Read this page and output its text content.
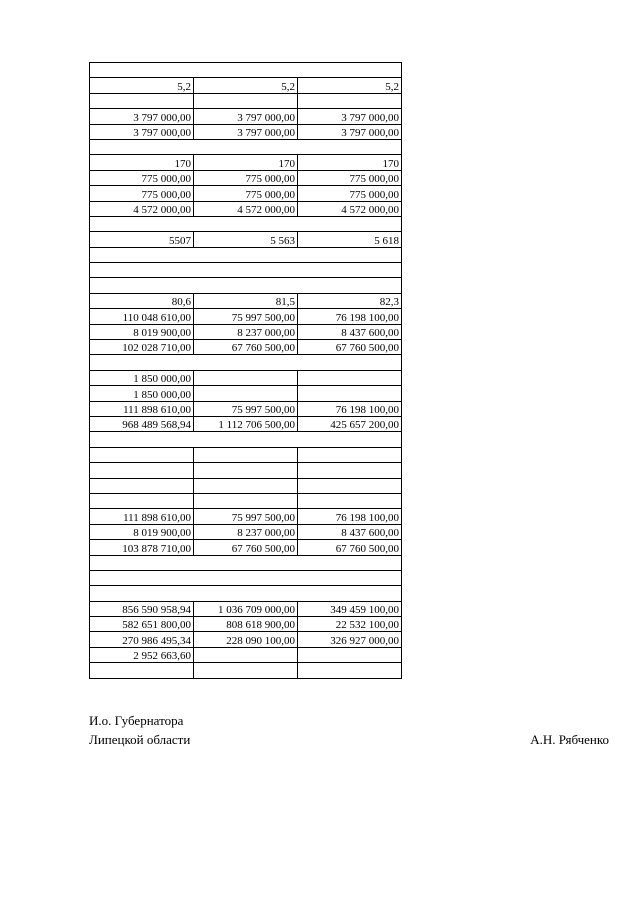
5,2	5,2	5,2

3 797 000,00	3 797 000,00	3 797 000,00
3 797 000,00	3 797 000,00	3 797 000,00

170	170	170
775 000,00	775 000,00	775 000,00
775 000,00	775 000,00	775 000,00
4 572 000,00	4 572 000,00	4 572 000,00

5507	5 563	5 618

80,6	81,5	82,3
110 048 610,00	75 997 500,00	76 198 100,00
8 019 900,00	8 237 000,00	8 437 600,00
102 028 710,00	67 760 500,00	67 760 500,00

1 850 000,00		
1 850 000,00		
111 898 610,00	75 997 500,00	76 198 100,00
968 489 568,94	1 112 706 500,00	425 657 200,00

111 898 610,00	75 997 500,00	76 198 100,00
8 019 900,00	8 237 000,00	8 437 600,00
103 878 710,00	67 760 500,00	67 760 500,00

856 590 958,94	1 036 709 000,00	349 459 100,00
582 651 800,00	808 618 900,00	22 532 100,00
270 986 495,34	228 090 100,00	326 927 000,00
2 952 663,60		

И.о. Губернатора
Липецкой области	А.Н. Рябченко
